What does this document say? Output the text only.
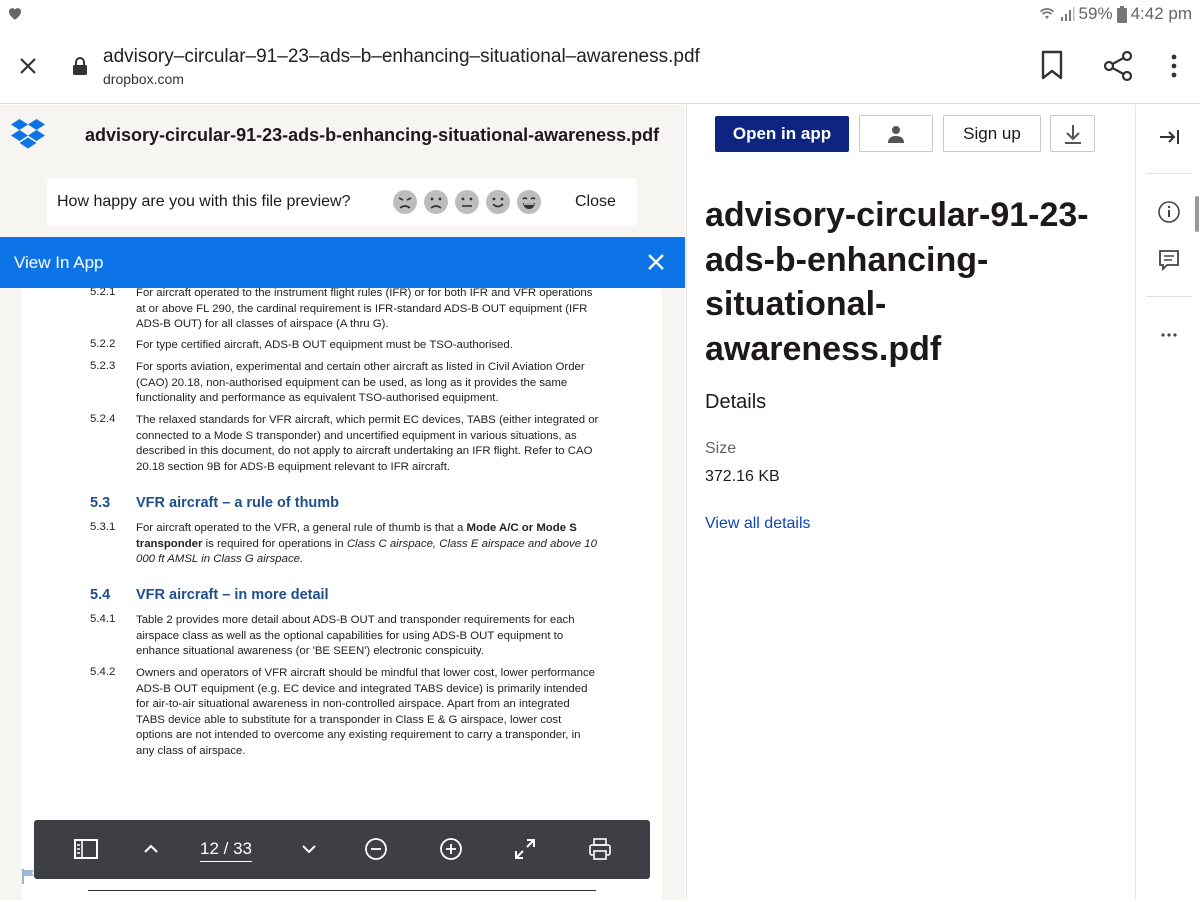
59% 4:42 pm
advisory–circular–91–23–ads–b–enhancing–situational–awareness.pdf
dropbox.com
advisory-circular-91-23-ads-b-enhancing-situational-awareness.pdf
How happy are you with this file preview?	Close
View In App
5.2.1 For aircraft operated to the instrument flight rules (IFR) or for both IFR and VFR operations at or above FL 290, the cardinal requirement is IFR-standard ADS-B OUT equipment (IFR ADS-B OUT) for all classes of airspace (A thru G).
5.2.2 For type certified aircraft, ADS-B OUT equipment must be TSO-authorised.
5.2.3 For sports aviation, experimental and certain other aircraft as listed in Civil Aviation Order (CAO) 20.18, non-authorised equipment can be used, as long as it provides the same functionality and performance as equivalent TSO-authorised equipment.
5.2.4 The relaxed standards for VFR aircraft, which permit EC devices, TABS (either integrated or connected to a Mode S transponder) and uncertified equipment in various situations, as described in this document, do not apply to aircraft undertaking an IFR flight. Refer to CAO 20.18 section 9B for ADS-B equipment relevant to IFR aircraft.
5.3 VFR aircraft – a rule of thumb
5.3.1 For aircraft operated to the VFR, a general rule of thumb is that a Mode A/C or Mode S transponder is required for operations in Class C airspace, Class E airspace and above 10 000 ft AMSL in Class G airspace.
5.4 VFR aircraft – in more detail
5.4.1 Table 2 provides more detail about ADS-B OUT and transponder requirements for each airspace class as well as the optional capabilities for using ADS-B OUT equipment to enhance situational awareness (or 'BE SEEN') electronic conspicuity.
5.4.2 Owners and operators of VFR aircraft should be mindful that lower cost, lower performance ADS-B OUT equipment (e.g. EC device and integrated TABS device) is primarily intended for air-to-air situational awareness in non-controlled airspace. Apart from an integrated TABS device able to substitute for a transponder in Class E & G airspace, lower cost options are not intended to overcome any existing requirement to carry a transponder, in any class of airspace.
12 / 33
Open in app	Sign up
advisory-circular-91-23-ads-b-enhancing-situational-awareness.pdf
Details
Size
372.16 KB
View all details
